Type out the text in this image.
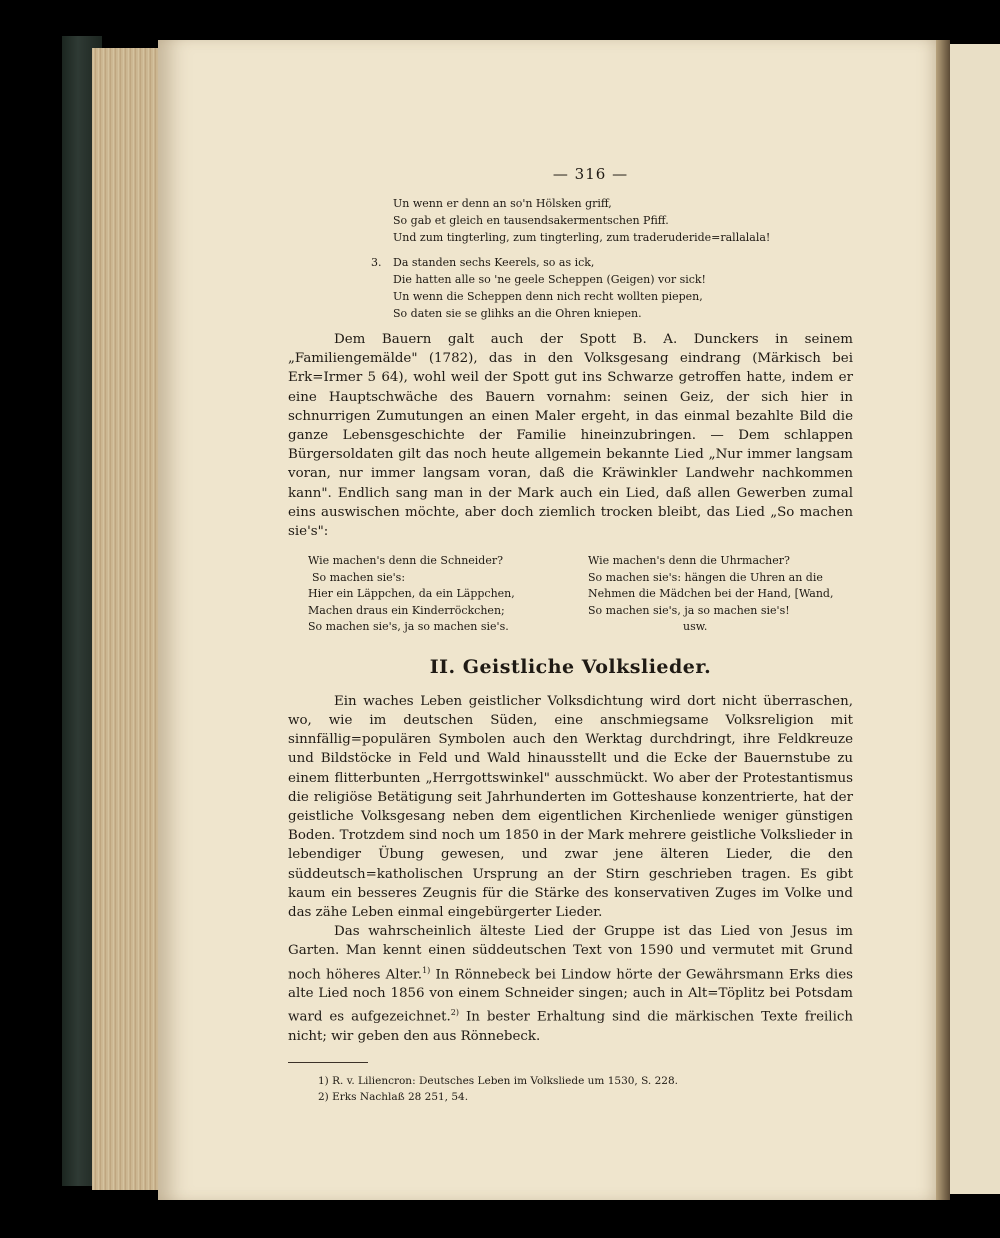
— 316 —
Un wenn er denn an so'n Hölsken griff,
So gab et gleich en tausendsakermentschen Pfiff.
Und zum tingterling, zum tingterling, zum traderuderide=rallalala!
3. Da standen sechs Keerels, so as ick,
Die hatten alle so 'ne geele Scheppen (Geigen) vor sick!
Un wenn die Scheppen denn nich recht wollten piepen,
So daten sie se glihks an die Ohren kniepen.

Dem Bauern galt auch der Spott B. A. Dunckers in seinem „Familiengemälde" (1782), das in den Volksgesang eindrang (Märkisch bei Erk=Irmer 5 64), wohl weil der Spott gut ins Schwarze getroffen hatte, indem er eine Hauptschwäche des Bauern vornahm: seinen Geiz, der sich hier in schnurrigen Zumutungen an einen Maler ergeht, in das einmal bezahlte Bild die ganze Lebensgeschichte der Familie hineinzubringen. — Dem schlappen Bürgersoldaten gilt das noch heute allgemein bekannte Lied „Nur immer langsam voran, nur immer langsam voran, daß die Kräwinkler Landwehr nachkommen kann". Endlich sang man in der Mark auch ein Lied, daß allen Gewerben zumal eins auswischen möchte, aber doch ziemlich trocken bleibt, das Lied „So machen sie's":

Wie machen's denn die Schneider?
So machen sie's:
Hier ein Läppchen, da ein Läppchen,
Machen draus ein Kinderröckchen;
So machen sie's, ja so machen sie's.
Wie machen's denn die Uhrmacher?
So machen sie's: hängen die Uhren an die
Nehmen die Mädchen bei der Hand, [Wand,
So machen sie's, ja so machen sie's!
usw.
II. Geistliche Volkslieder.

Ein waches Leben geistlicher Volksdichtung wird dort nicht überraschen, wo, wie im deutschen Süden, eine anschmiegsame Volksreligion mit sinnfällig=populären Symbolen auch den Werktag durchdringt, ihre Feldkreuze und Bildstöcke in Feld und Wald hinausstellt und die Ecke der Bauernstube zu einem flitterbunten „Herrgottswinkel" ausschmückt. Wo aber der Protestantismus die religiöse Betätigung seit Jahrhunderten im Gotteshause konzentrierte, hat der geistliche Volksgesang neben dem eigentlichen Kirchenliede weniger günstigen Boden. Trotzdem sind noch um 1850 in der Mark mehrere geistliche Volkslieder in lebendiger Übung gewesen, und zwar jene älteren Lieder, die den süddeutsch=katholischen Ursprung an der Stirn geschrieben tragen. Es gibt kaum ein besseres Zeugnis für die Stärke des konservativen Zuges im Volke und das zähe Leben einmal eingebürgerter Lieder.

Das wahrscheinlich älteste Lied der Gruppe ist das Lied von Jesus im Garten. Man kennt einen süddeutschen Text von 1590 und vermutet mit Grund noch höheres Alter.$^{1)}$ In Rönnebeck bei Lindow hörte der Gewährsmann Erks dies alte Lied noch 1856 von einem Schneider singen; auch in Alt=Töplitz bei Potsdam ward es aufgezeichnet.$^{2)}$ In bester Erhaltung sind die märkischen Texte freilich nicht; wir geben den aus Rönnebeck.

1) R. v. Liliencron: Deutsches Leben im Volksliede um 1530, S. 228.
2) Erks Nachlaß 28 251, 54.
